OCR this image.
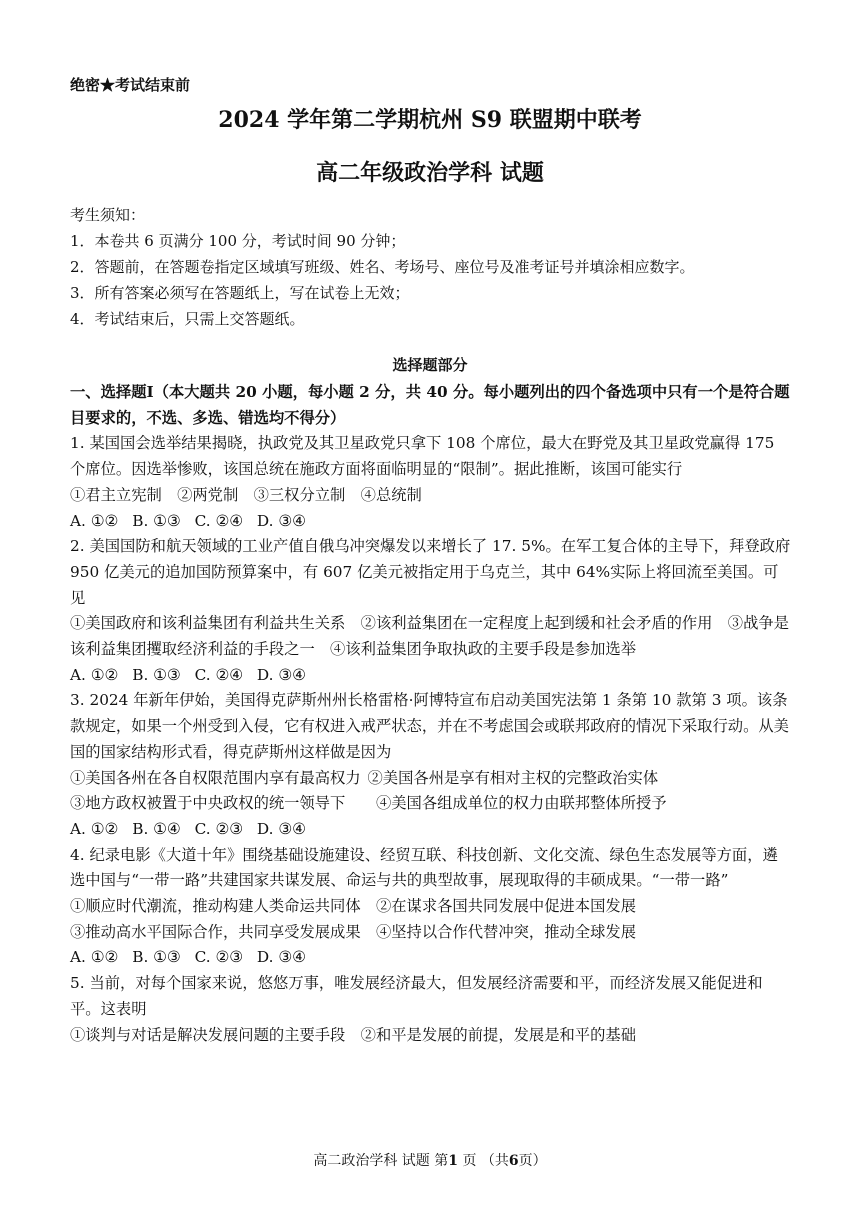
绝密★考试结束前
2024 学年第二学期杭州 S9 联盟期中联考
高二年级政治学科 试题
考生须知：
1．本卷共 6 页满分 100 分，考试时间 90 分钟；
2．答题前，在答题卷指定区域填写班级、姓名、考场号、座位号及准考证号并填涂相应数字。
3．所有答案必须写在答题纸上，写在试卷上无效；
4．考试结束后，只需上交答题纸。
选择题部分
一、选择题Ⅰ（本大题共 20 小题，每小题 2 分，共 40 分。每小题列出的四个备选项中只有一个是符合题目要求的，不选、多选、错选均不得分）
1. 某国国会选举结果揭晓，执政党及其卫星政党只拿下 108 个席位，最大在野党及其卫星政党赢得 175 个席位。因选举惨败，该国总统在施政方面将面临明显的“限制”。据此推断，该国可能实行
①君主立宪制　②两党制　③三权分立制　④总统制
A. ①② B. ①③ C. ②④ D. ③④
2. 美国国防和航天领域的工业产值自俄乌冲突爆发以来增长了 17. 5%。在军工复合体的主导下，拜登政府 950 亿美元的追加国防预算案中，有 607 亿美元被指定用于乌克兰，其中 64%实际上将回流至美国。可见
①美国政府和该利益集团有利益共生关系　②该利益集团在一定程度上起到缓和社会矛盾的作用　③战争是该利益集团攫取经济利益的手段之一　④该利益集团争取执政的主要手段是参加选举
A. ①② B. ①③ C. ②④ D. ③④
3. 2024 年新年伊始，美国得克萨斯州州长格雷格·阿博特宣布启动美国宪法第 1 条第 10 款第 3 项。该条款规定，如果一个州受到入侵，它有权进入戒严状态，并在不考虑国会或联邦政府的情况下采取行动。从美国的国家结构形式看，得克萨斯州这样做是因为
①美国各州在各自权限范围内享有最高权力 ②美国各州是享有相对主权的完整政治实体
③地方政权被置于中央政权的统一领导下　　④美国各组成单位的权力由联邦整体所授予
A. ①② B. ①④ C. ②③ D. ③④
4. 纪录电影《大道十年》围绕基础设施建设、经贸互联、科技创新、文化交流、绿色生态发展等方面，遴选中国与“一带一路”共建国家共谋发展、命运与共的典型故事，展现取得的丰硕成果。“一带一路”
①顺应时代潮流，推动构建人类命运共同体　②在谋求各国共同发展中促进本国发展
③推动高水平国际合作，共同享受发展成果　④坚持以合作代替冲突，推动全球发展
A. ①② B. ①③ C. ②③ D. ③④
5. 当前，对每个国家来说，悠悠万事，唯发展经济最大，但发展经济需要和平，而经济发展又能促进和平。这表明
①谈判与对话是解决发展问题的主要手段　②和平是发展的前提，发展是和平的基础
高二政治学科 试题 第1 页 （共6页）
